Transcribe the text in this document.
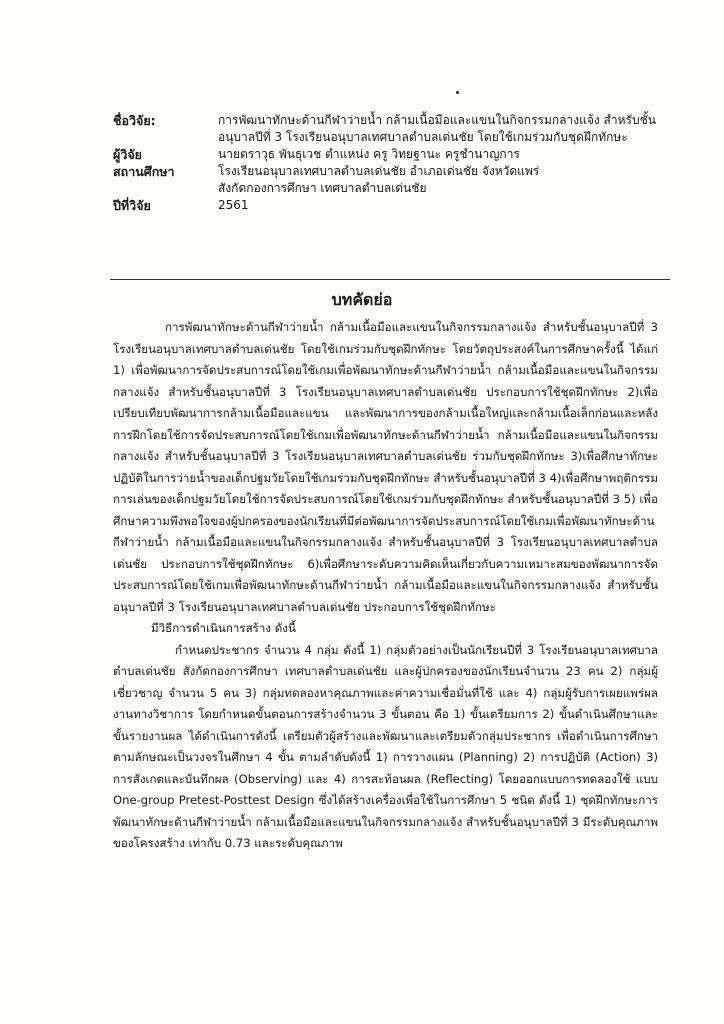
ชื่อวิจัย:	การพัฒนาทักษะด้านกีฬาว่ายน้ำ กล้ามเนื้อมือและแขนในกิจกรรมกลางแจ้ง สำหรับชั้นอนุบาลปีที่ 3 โรงเรียนอนุบาลเทศบาลตำบลเด่นชัย โดยใช้เกมร่วมกับชุดฝึกทักษะ
ผู้วิจัย	นายตราวุธ พันธุเวช ตำแหน่ง ครู วิทยฐานะ ครูชำนาญการ
สถานศึกษา	โรงเรียนอนุบาลเทศบาลตำบลเด่นชัย อำเภอเด่นชัย จังหวัดแพร่
สังกัดกองการศึกษา เทศบาลตำบลเด่นชัย
ปีที่วิจัย	2561
บทคัดย่อ

การพัฒนาทักษะด้านกีฬาว่ายน้ำ กล้ามเนื้อมือและแขนในกิจกรรมกลางแจ้ง สำหรับชั้นอนุบาลปีที่ 3 โรงเรียนอนุบาลเทศบาลตำบลเด่นชัย โดยใช้เกมร่วมกับชุดฝึกทักษะ โดยวัตถุประสงค์ในการศึกษาครั้งนี้ ได้แก่ 1) เพื่อพัฒนาการจัดประสบการณ์โดยใช้เกมเพื่อพัฒนาทักษะด้านกีฬาว่ายน้ำ กล้ามเนื้อมือและแขนในกิจกรรมกลางแจ้ง สำหรับชั้นอนุบาลปีที่ 3 โรงเรียนอนุบาลเทศบาลตำบลเด่นชัย ประกอบการใช้ชุดฝึกทักษะ 2)เพื่อเปรียบเทียบพัฒนาการกล้ามเนื้อมือและแขน และพัฒนาการของกล้ามเนื้อใหญ่และกล้ามเนื้อเล็กก่อนและหลังการฝึกโดยใช้การจัดประสบการณ์โดยใช้เกมเพื่อพัฒนาทักษะด้านกีฬาว่ายน้ำ กล้ามเนื้อมือและแขนในกิจกรรมกลางแจ้ง สำหรับชั้นอนุบาลปีที่ 3 โรงเรียนอนุบาลเทศบาลตำบลเด่นชัย ร่วมกับชุดฝึกทักษะ 3)เพื่อศึกษาทักษะปฏิบัติในการว่ายน้ำของเด็กปฐมวัยโดยใช้เกมร่วมกับชุดฝึกทักษะ สำหรับชั้นอนุบาลปีที่ 3 4)เพื่อศึกษาพฤติกรรมการเล่นของเด็กปฐมวัยโดยใช้การจัดประสบการณ์โดยใช้เกมร่วมกับชุดฝึกทักษะ สำหรับชั้นอนุบาลปีที่ 3 5) เพื่อศึกษาความพึงพอใจของผู้ปกครองของนักเรียนที่มีต่อพัฒนาการจัดประสบการณ์โดยใช้เกมเพื่อพัฒนาทักษะด้านกีฬาว่ายน้ำ กล้ามเนื้อมือและแขนในกิจกรรมกลางแจ้ง สำหรับชั้นอนุบาลปีที่ 3 โรงเรียนอนุบาลเทศบาลตำบลเด่นชัย ประกอบการใช้ชุดฝึกทักษะ 6)เพื่อศึกษาระดับความคิดเห็นเกี่ยวกับความเหมาะสมของพัฒนาการจัดประสบการณ์โดยใช้เกมเพื่อพัฒนาทักษะด้านกีฬาว่ายน้ำ กล้ามเนื้อมือและแขนในกิจกรรมกลางแจ้ง สำหรับชั้นอนุบาลปีที่ 3 โรงเรียนอนุบาลเทศบาลตำบลเด่นชัย ประกอบการใช้ชุดฝึกทักษะ

มีวิธีการดำเนินการสร้าง ดังนี้

กำหนดประชากร จำนวน 4 กลุ่ม ดังนี้ 1) กลุ่มตัวอย่างเป็นนักเรียนปีที่ 3 โรงเรียนอนุบาลเทศบาลตำบลเด่นชัย สังกัดกองการศึกษา เทศบาลตำบลเด่นชัย และผู้ปกครองของนักเรียนจำนวน 23 คน 2) กลุ่มผู้เชี่ยวชาญ จำนวน 5 คน 3) กลุ่มทดลองหาคุณภาพและค่าความเชื่อมั่นที่ใช้ และ 4) กลุ่มผู้รับการเผยแพร่ผลงานทางวิชาการ โดยกำหนดขั้นตอนการสร้างจำนวน 3 ขั้นตอน คือ 1) ขั้นเตรียมการ 2) ขั้นดำเนินศึกษาและขั้นรายงานผล ได้ดำเนินการดังนี้ เตรียมตัวผู้สร้างและพัฒนาและเตรียมตัวกลุ่มประชากร เพื่อดำเนินการศึกษาตามลักษณะเป็นวงจรในศึกษา 4 ขั้น ตามลำดับดังนี้ 1) การวางแผน (Planning) 2) การปฏิบัติ (Action) 3) การสังเกตและบันทึกผล (Observing) และ 4) การสะท้อนผล (Reflecting) โดยออกแบบการทดลองใช้ แบบ One-group Pretest-Posttest Design ซึ่งได้สร้างเครื่องเพื่อใช้ในการศึกษา 5 ชนิด ดังนี้ 1) ชุดฝึกทักษะการพัฒนาทักษะด้านกีฬาว่ายน้ำ กล้ามเนื้อมือและแขนในกิจกรรมกลางแจ้ง สำหรับชั้นอนุบาลปีที่ 3 มีระดับคุณภาพของโครงสร้าง เท่ากับ 0.73 และระดับคุณภาพ
